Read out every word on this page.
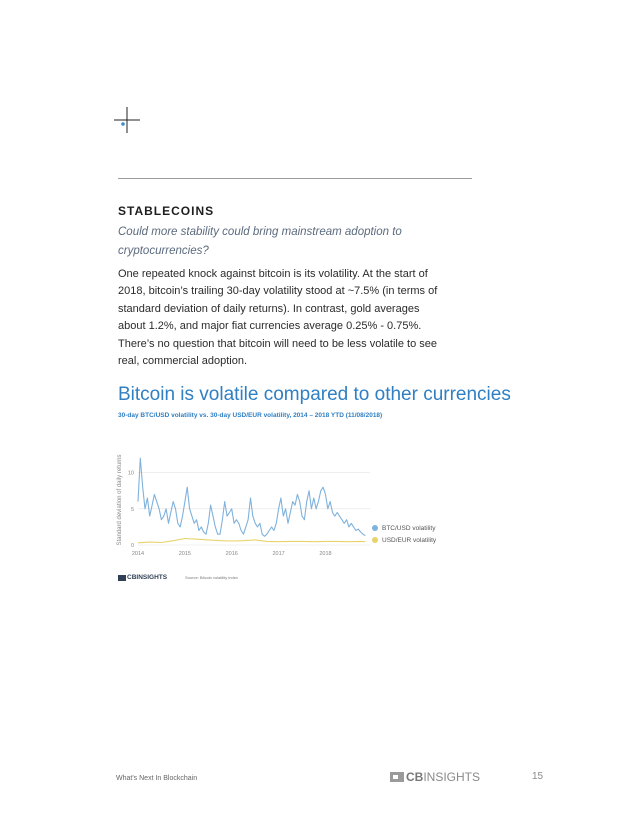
STABLECOINS
Could more stability could bring mainstream adoption to cryptocurrencies?
One repeated knock against bitcoin is its volatility. At the start of 2018, bitcoin’s trailing 30-day volatility stood at ~7.5% (in terms of standard deviation of daily returns). In contrast, gold averages about 1.2%, and major fiat currencies average 0.25% - 0.75%. There’s no question that bitcoin will need to be less volatile to see real, commercial adoption.
Bitcoin is volatile compared to other currencies
30-day BTC/USD volatility vs. 30-day USD/EUR volatility, 2014 – 2018 YTD (11/08/2018)
Standard deviation of daily returns
0
5
10
2014	2015	2016	2017	2018
BTC/USD volatility
USD/EUR volatility
CBINSIGHTS	Source: Bitcoin volatility index
What's Next In Blockchain	CB INSIGHTS	15
